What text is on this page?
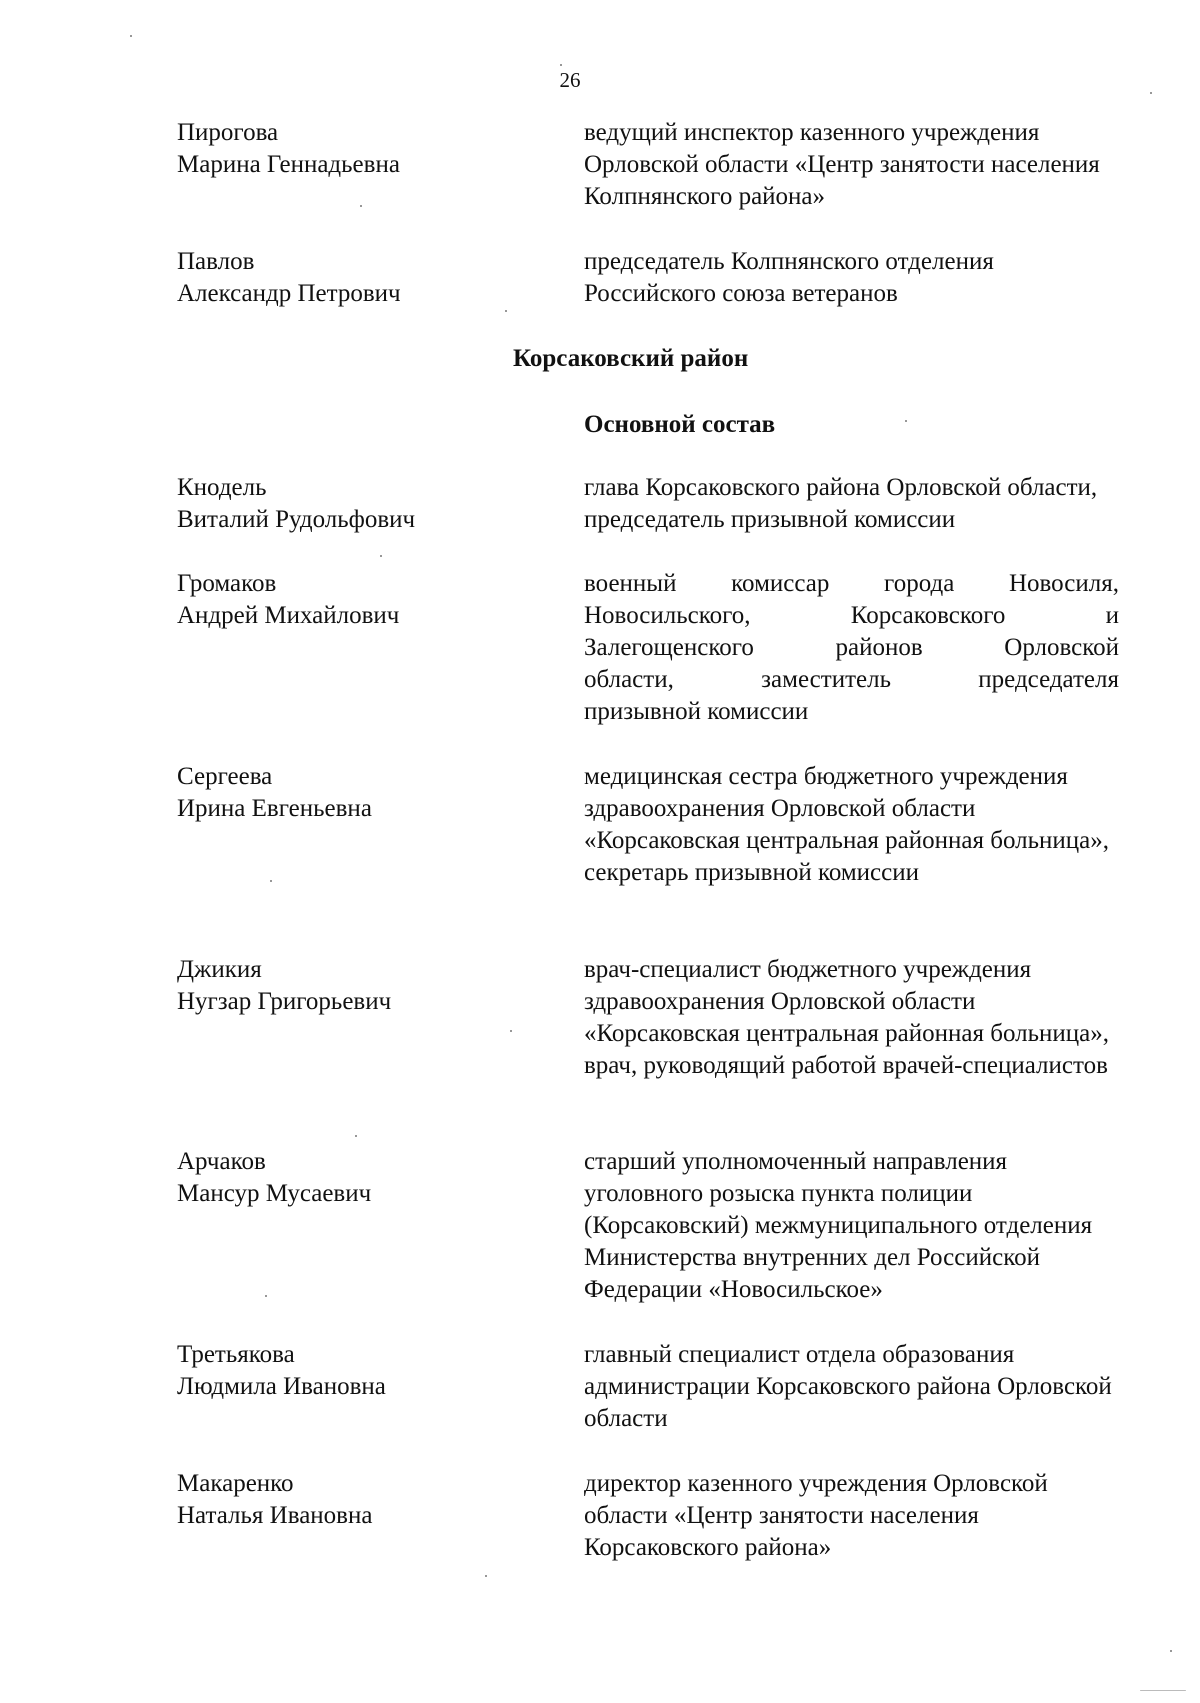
26
Пирогова
Марина Геннадьевна
ведущий инспектор казенного учреждения Орловской области «Центр занятости населения Колпнянского района»
Павлов
Александр Петрович
председатель Колпнянского отделения Российского союза ветеранов
Корсаковский район
Основной состав
Кнодель
Виталий Рудольфович
глава Корсаковского района Орловской области, председатель призывной комиссии
Громаков
Андрей Михайлович
военный комиссар города Новосиля,
Новосильского, Корсаковского и
Залегощенского районов Орловской
области, заместитель председателя
призывной комиссии
Сергеева
Ирина Евгеньевна
медицинская сестра бюджетного учреждения здравоохранения Орловской области «Корсаковская центральная районная больница», секретарь призывной комиссии
Джикия
Нугзар Григорьевич
врач-специалист бюджетного учреждения здравоохранения Орловской области «Корсаковская центральная районная больница», врач, руководящий работой врачей-специалистов
Арчаков
Мансур Мусаевич
старший уполномоченный направления уголовного розыска пункта полиции (Корсаковский) межмуниципального отделения Министерства внутренних дел Российской Федерации «Новосильское»
Третьякова
Людмила Ивановна
главный специалист отдела образования администрации Корсаковского района Орловской области
Макаренко
Наталья Ивановна
директор казенного учреждения Орловской области «Центр занятости населения Корсаковского района»
